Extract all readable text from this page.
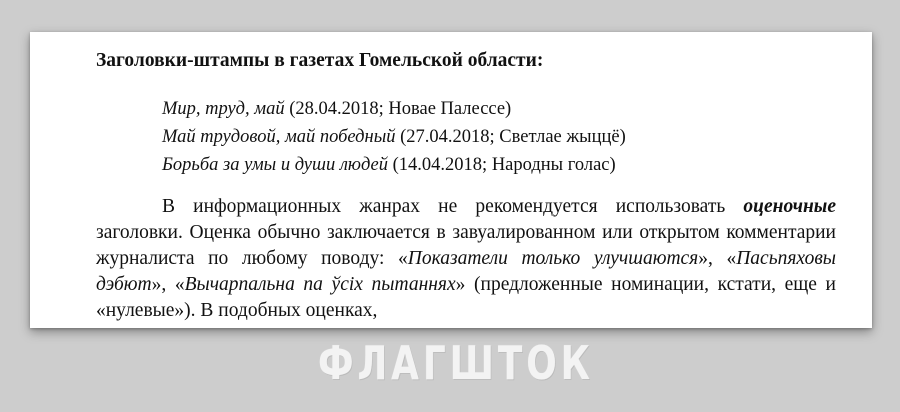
Заголовки-штампы в газетах Гомельской области:
Мир, труд, май (28.04.2018; Новае Палессе)
Май трудовой, май победный (27.04.2018; Светлае жыццё)
Борьба за умы и души людей (14.04.2018; Народны голас)

В информационных жанрах не рекомендуется использовать оценочные заголовки. Оценка обычно заключается в завуалированном или открытом комментарии журналиста по любому поводу: «Показатели только улучшаются», «Пасьпяховы дэбют», «Вычарпальна па ўсіх пытаннях» (предложенные номинации, кстати, еще и «нулевые»). В подобных оценках,

ФЛАГШТОК
